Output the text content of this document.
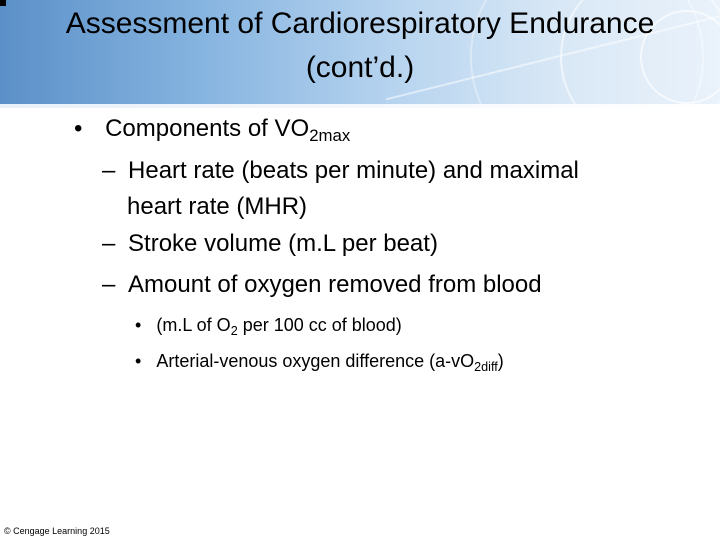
Assessment of Cardiorespiratory Endurance
(cont’d.)
• Components of $VO_{2max}$
– Heart rate (beats per minute) and maximal
heart rate (MHR)
– Stroke volume (m.L per beat)
– Amount of oxygen removed from blood
• (m.L of $O_2$ per 100 cc of blood)
• Arterial-venous oxygen difference $(a-vO_{2diff})$
© Cengage Learning 2015
